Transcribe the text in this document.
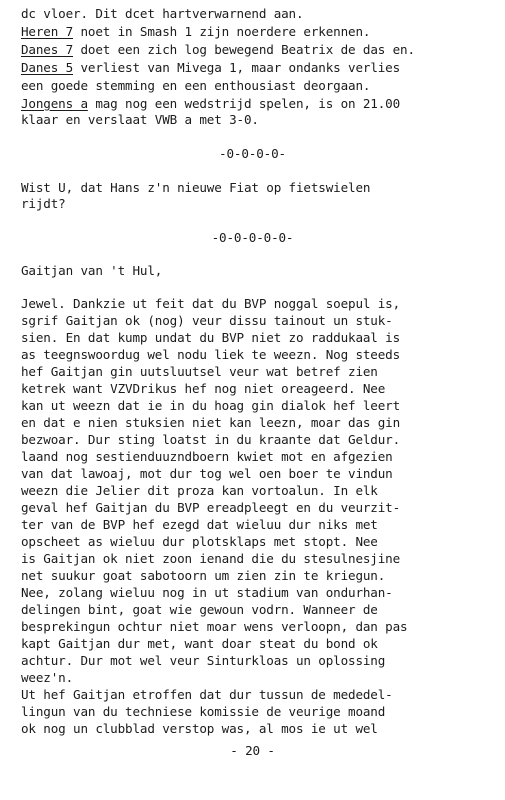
dc vloer. Dit dcet hartverwarnend aan.
Heren 7 noet in Smash 1 zijn noerdere erkennen.
Danes 7 doet een zich log bewegend Beatrix de das en.
Danes 5 verliest van Mivega 1, maar ondanks verlies
een goede stemming en een enthousiast deorgaan.
Jongens a mag nog een wedstrijd spelen, is on 21.00
klaar en verslaat VWB a met 3-0.
-0-0-0-0-
Wist U, dat Hans z'n nieuwe Fiat op fietswielen
rijdt?
-0-0-0-0-0-
Gaitjan van 't Hul,
Jewel. Dankzie ut feit dat du BVP noggal soepul is,
sgrif Gaitjan ok (nog) veur dissu tainout un stuk-
sien. En dat kump undat du BVP niet zo raddukaal is
as teegnswoordug wel nodu liek te weezn. Nog steeds
hef Gaitjan gin uutsluutsel veur wat betref zien
ketrek want VZVDrikus hef nog niet oreageerd. Nee
kan ut weezn dat ie in du hoag gin dialok hef leert
en dat e nien stuksien niet kan leezn, moar das gin
bezwoar. Dur sting loatst in du kraante dat Geldur.
laand nog sestienduuzndboern kwiet mot en afgezien
van dat lawoaj, mot dur tog wel oen boer te vindun
weezn die Jelier dit proza kan vortoalun. In elk
geval hef Gaitjan du BVP ereadpleegt en du veurzit-
ter van de BVP hef ezegd dat wieluu dur niks met
opscheet as wieluu dur plotsklaps met stopt. Nee
is Gaitjan ok niet zoon ienand die du stesulnesjine
net suukur goat sabotoorn um zien zin te kriegun.
Nee, zolang wieluu nog in ut stadium van ondurhan-
delingen bint, goat wie gewoun vodrn. Wanneer de
besprekingun ochtur niet moar wens verloopn, dan pas
kapt Gaitjan dur met, want doar steat du bond ok
achtur. Dur mot wel veur Sinturkloas un oplossing
weez'n.
Ut hef Gaitjan etroffen dat dur tussun de mededel-
lingun van du techniese komissie de veurige moand
ok nog un clubblad verstop was, al mos ie ut wel
- 20 -
